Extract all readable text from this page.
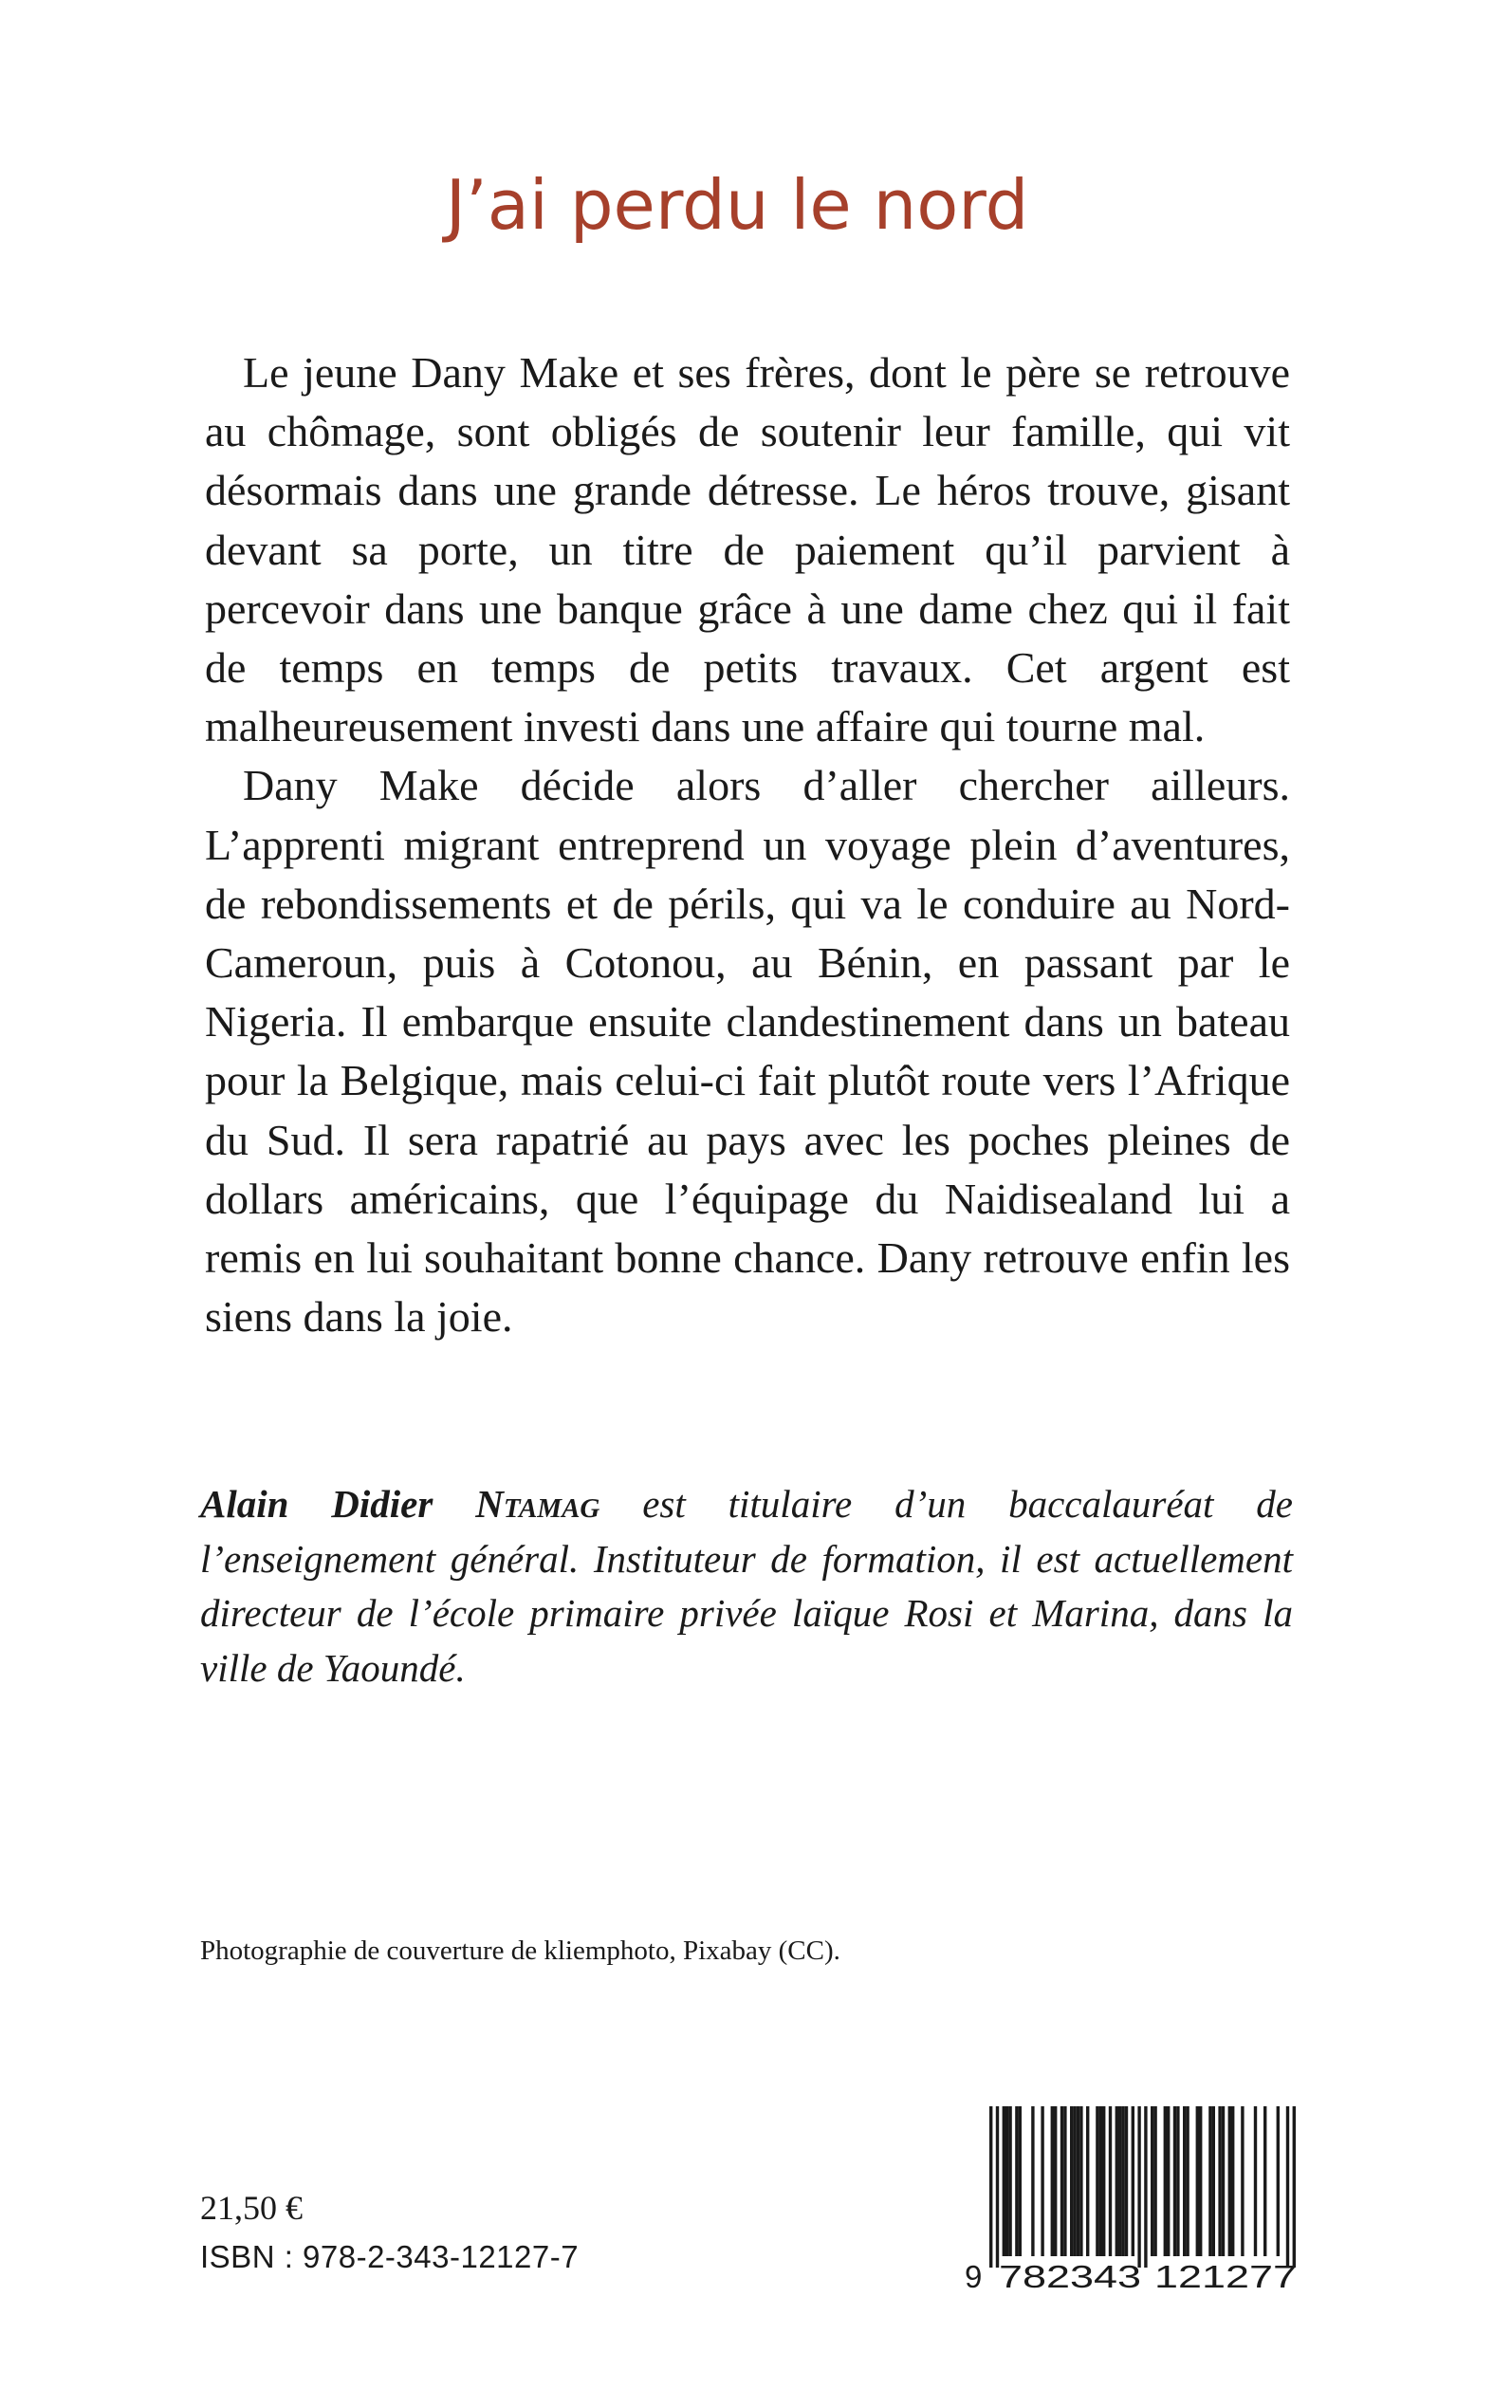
J’ai perdu le nord

Le jeune Dany Make et ses frères, dont le père se retrouve au chômage, sont obligés de soutenir leur famille, qui vit désormais dans une grande détresse. Le héros trouve, gisant devant sa porte, un titre de paiement qu’il parvient à percevoir dans une banque grâce à une dame chez qui il fait de temps en temps de petits travaux. Cet argent est malheureusement investi dans une affaire qui tourne mal.

Dany Make décide alors d’aller chercher ailleurs. L’apprenti migrant entreprend un voyage plein d’aventures, de rebondissements et de périls, qui va le conduire au Nord-Cameroun, puis à Cotonou, au Bénin, en passant par le Nigeria. Il embarque ensuite clandestinement dans un bateau pour la Belgique, mais celui-ci fait plutôt route vers l’Afrique du Sud. Il sera rapatrié au pays avec les poches pleines de dollars américains, que l’équipage du Naidisealand lui a remis en lui souhaitant bonne chance. Dany retrouve enfin les siens dans la joie.

Alain Didier Ntamag est titulaire d’un baccalauréat de l’enseignement général. Instituteur de formation, il est actuellement directeur de l’école primaire privée laïque Rosi et Marina, dans la ville de Yaoundé.

Photographie de couverture de kliemphoto, Pixabay (CC).

21,50 €

ISBN : 978-2-343-12127-7

9 782343 121277
